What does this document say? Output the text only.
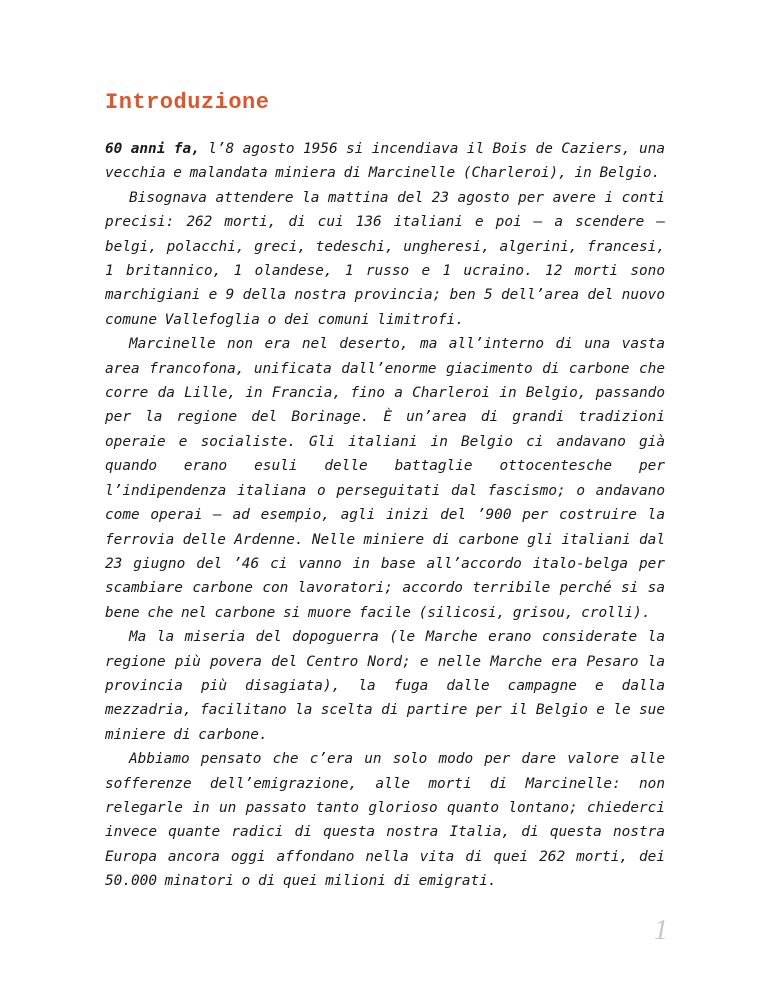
Introduzione

60 anni fa, l’8 agosto 1956 si incendiava il Bois de Caziers, una vecchia e malandata miniera di Marcinelle (Charleroi), in Belgio.

Bisognava attendere la mattina del 23 agosto per avere i conti precisi: 262 morti, di cui 136 italiani e poi – a scendere – belgi, polacchi, greci, tedeschi, ungheresi, algerini, francesi, 1 britannico, 1 olandese, 1 russo e 1 ucraino. 12 morti sono marchigiani e 9 della nostra provincia; ben 5 dell’area del nuovo comune Vallefoglia o dei comuni limitrofi.

Marcinelle non era nel deserto, ma all’interno di una vasta area francofona, unificata dall’enorme giacimento di carbone che corre da Lille, in Francia, fino a Charleroi in Belgio, passando per la regione del Borinage. È un’area di grandi tradizioni operaie e socialiste. Gli italiani in Belgio ci andavano già quando erano esuli delle battaglie ottocentesche per l’indipendenza italiana o perseguitati dal fascismo; o andavano come operai — ad esempio, agli inizi del ’900 per costruire la ferrovia delle Ardenne. Nelle miniere di carbone gli italiani dal 23 giugno del ’46 ci vanno in base all’accordo italo-belga per scambiare carbone con lavoratori; accordo terribile perché si sa bene che nel carbone si muore facile (silicosi, grisou, crolli).

Ma la miseria del dopoguerra (le Marche erano considerate la regione più povera del Centro Nord; e nelle Marche era Pesaro la provincia più disagiata), la fuga dalle campagne e dalla mezzadria, facilitano la scelta di partire per il Belgio e le sue miniere di carbone.

Abbiamo pensato che c’era un solo modo per dare valore alle sofferenze dell’emigrazione, alle morti di Marcinelle: non relegarle in un passato tanto glorioso quanto lontano; chiederci invece quante radici di questa nostra Italia, di questa nostra Europa ancora oggi affondano nella vita di quei 262 morti, dei 50.000 minatori o di quei milioni di emigrati.

1
